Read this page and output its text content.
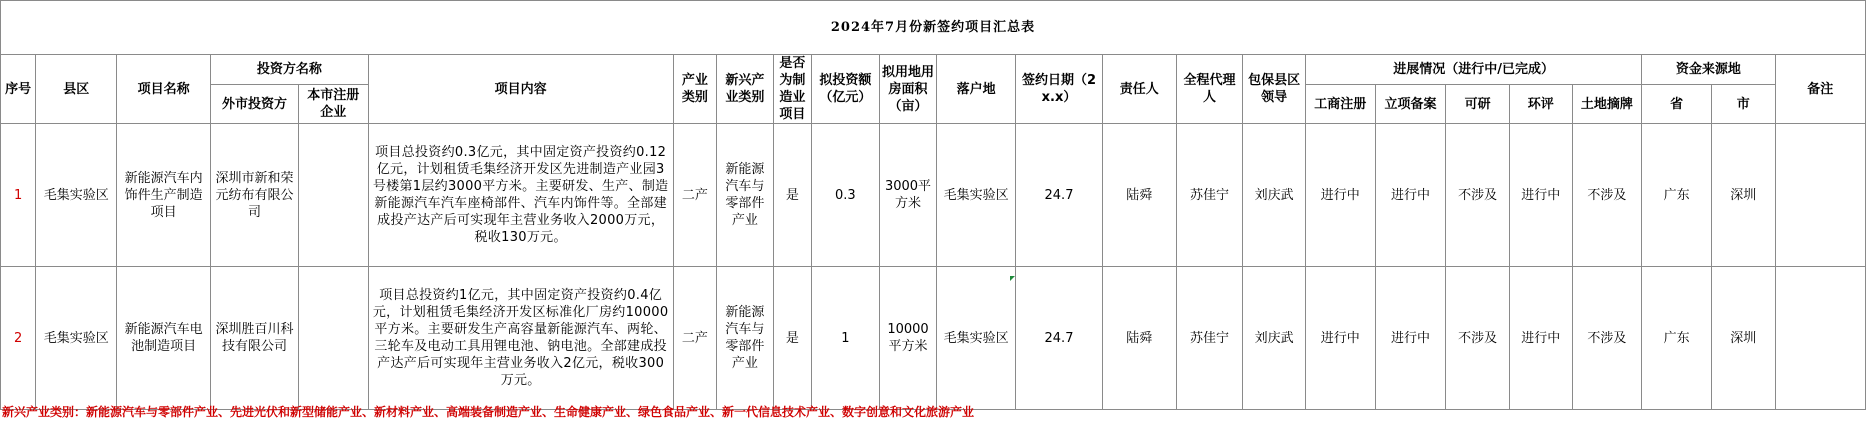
2024年7月份新签约项目汇总表																							
序号	县区	项目名称	投资方名称		项目内容	产业类别	新兴产业类别	是否为制造业项目	拟投资额（亿元）	拟用地用房面积（亩）	落户地	签约日期（2x.x）	责任人	全程代理人	包保县区领导	进展情况（进行中/已完成）					资金来源地		备注
			外市投资方	本市注册企业												工商注册	立项备案	可研	环评	土地摘牌	省	市	
1	毛集实验区	新能源汽车内饰件生产制造项目	深圳市新和荣元纺布有限公司		项目总投资约0.3亿元，其中固定资产投资约0.12亿元，计划租赁毛集经济开发区先进制造产业园3号楼第1层约3000平方米。主要研发、生产、制造新能源汽车汽车座椅部件、汽车内饰件等。全部建成投产达产后可实现年主营业务收入2000万元，税收130万元。	二产	新能源汽车与零部件产业	是	0.3	3000平方米	毛集实验区	24.7	陆舜	苏佳宁	刘庆武	进行中	进行中	不涉及	进行中	不涉及	广东	深圳	
2	毛集实验区	新能源汽车电池制造项目	深圳胜百川科技有限公司		项目总投资约1亿元，其中固定资产投资约0.4亿元，计划租赁毛集经济开发区标准化厂房约10000平方米。主要研发生产高容量新能源汽车、两轮、三轮车及电动工具用锂电池、钠电池。全部建成投产达产后可实现年主营业务收入2亿元，税收300万元。	二产	新能源汽车与零部件产业	是	1	10000平方米	毛集实验区	24.7	陆舜	苏佳宁	刘庆武	进行中	进行中	不涉及	进行中	不涉及	广东	深圳	
新兴产业类别：新能源汽车与零部件产业、先进光伏和新型储能产业、新材料产业、高端装备制造产业、生命健康产业、绿色食品产业、新一代信息技术产业、数字创意和文化旅游产业
